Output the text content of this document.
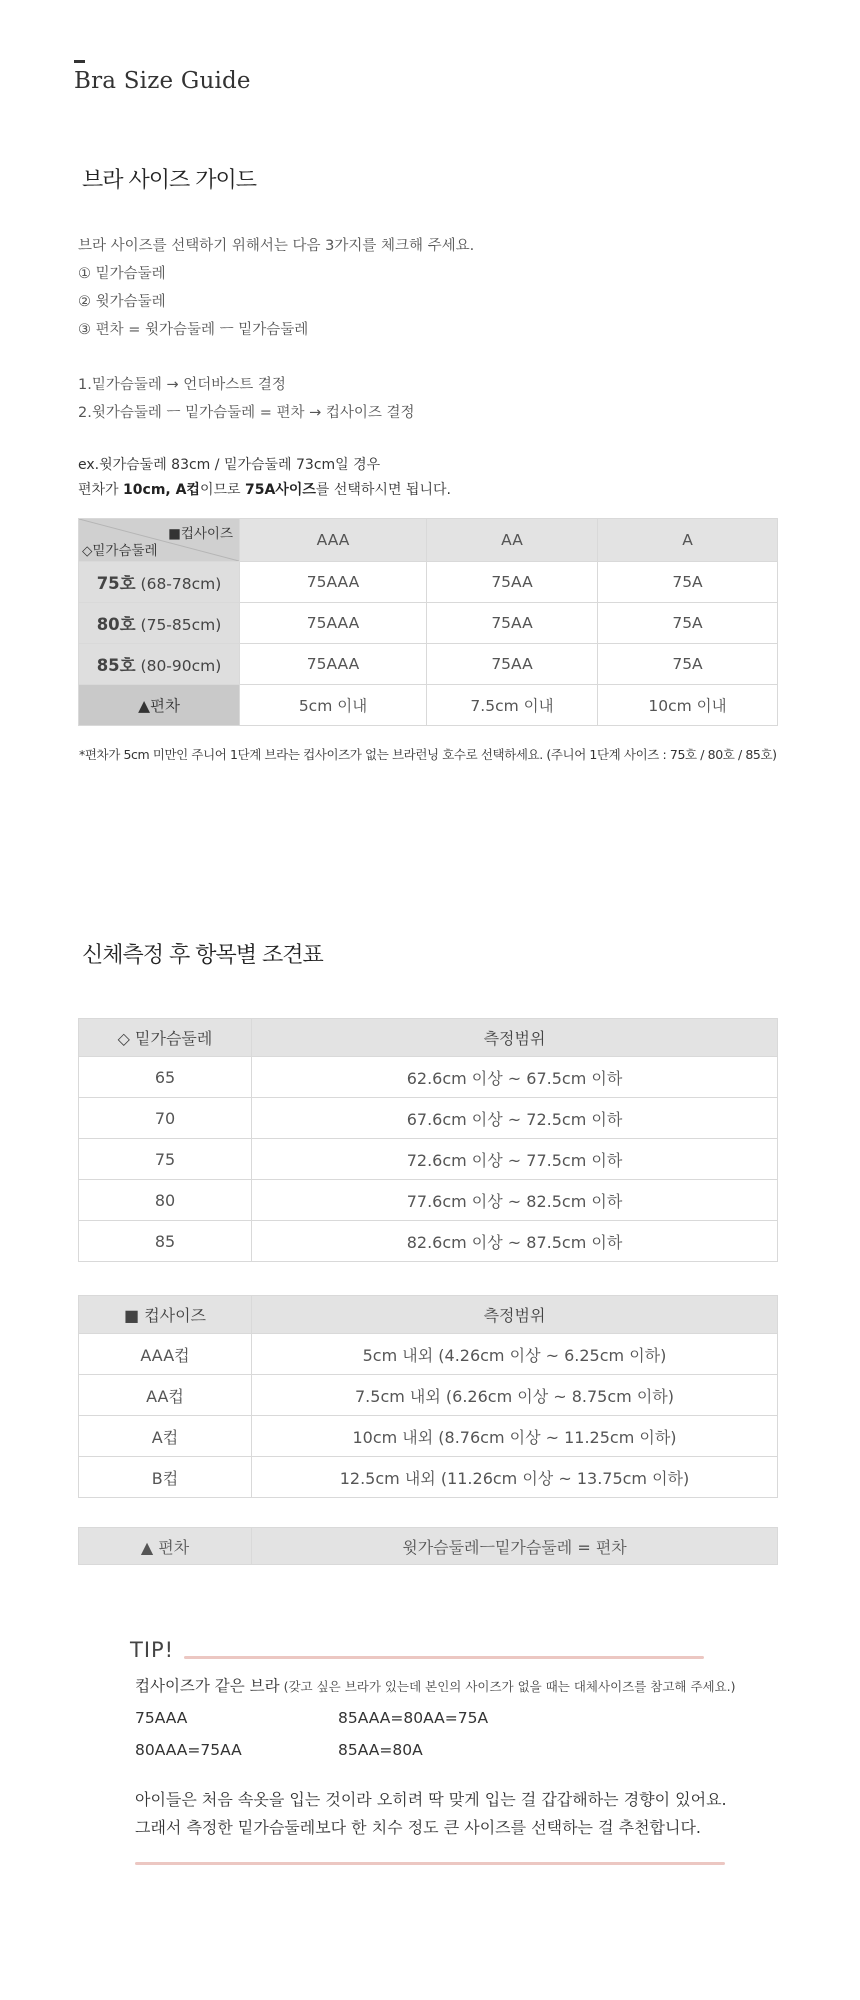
Bra Size Guide
브라 사이즈 가이드

브라 사이즈를 선택하기 위해서는 다음 3가지를 체크해 주세요.

① 밑가슴둘레

② 윗가슴둘레

③ 편차 = 윗가슴둘레 ㅡ 밑가슴둘레

1.밑가슴둘레 → 언더바스트 결정

2.윗가슴둘레 ㅡ 밑가슴둘레 = 편차 → 컵사이즈 결정

ex.윗가슴둘레 83cm / 밑가슴둘레 73cm일 경우

편차가 10cm, A컵이므로 75A사이즈를 선택하시면 됩니다.

■컵사이즈
◇밑가슴둘레	AAA	AA	A
75호 (68-78cm)	75AAA	75AA	75A
80호 (75-85cm)	75AAA	75AA	75A
85호 (80-90cm)	75AAA	75AA	75A
▲편차	5cm 이내	7.5cm 이내	10cm 이내
*편차가 5cm 미만인 주니어 1단계 브라는 컵사이즈가 없는 브라런닝 호수로 선택하세요. (주니어 1단계 사이즈 : 75호 / 80호 / 85호)
신체측정 후 항목별 조견표
◇ 밑가슴둘레	측정범위
65	62.6cm 이상 ~ 67.5cm 이하
70	67.6cm 이상 ~ 72.5cm 이하
75	72.6cm 이상 ~ 77.5cm 이하
80	77.6cm 이상 ~ 82.5cm 이하
85	82.6cm 이상 ~ 87.5cm 이하
■ 컵사이즈	측정범위
AAA컵	5cm 내외 (4.26cm 이상 ~ 6.25cm 이하)
AA컵	7.5cm 내외 (6.26cm 이상 ~ 8.75cm 이하)
A컵	10cm 내외 (8.76cm 이상 ~ 11.25cm 이하)
B컵	12.5cm 내외 (11.26cm 이상 ~ 13.75cm 이하)
▲ 편차	윗가슴둘레ㅡ밑가슴둘레 = 편차
TIP!
컵사이즈가 같은 브라 (갖고 싶은 브라가 있는데 본인의 사이즈가 없을 때는 대체사이즈를 참고해 주세요.)
75AAA	85AAA=80AA=75A
80AAA=75AA	85AA=80A

아이들은 처음 속옷을 입는 것이라 오히려 딱 맞게 입는 걸 갑갑해하는 경향이 있어요.

그래서 측정한 밑가슴둘레보다 한 치수 정도 큰 사이즈를 선택하는 걸 추천합니다.
